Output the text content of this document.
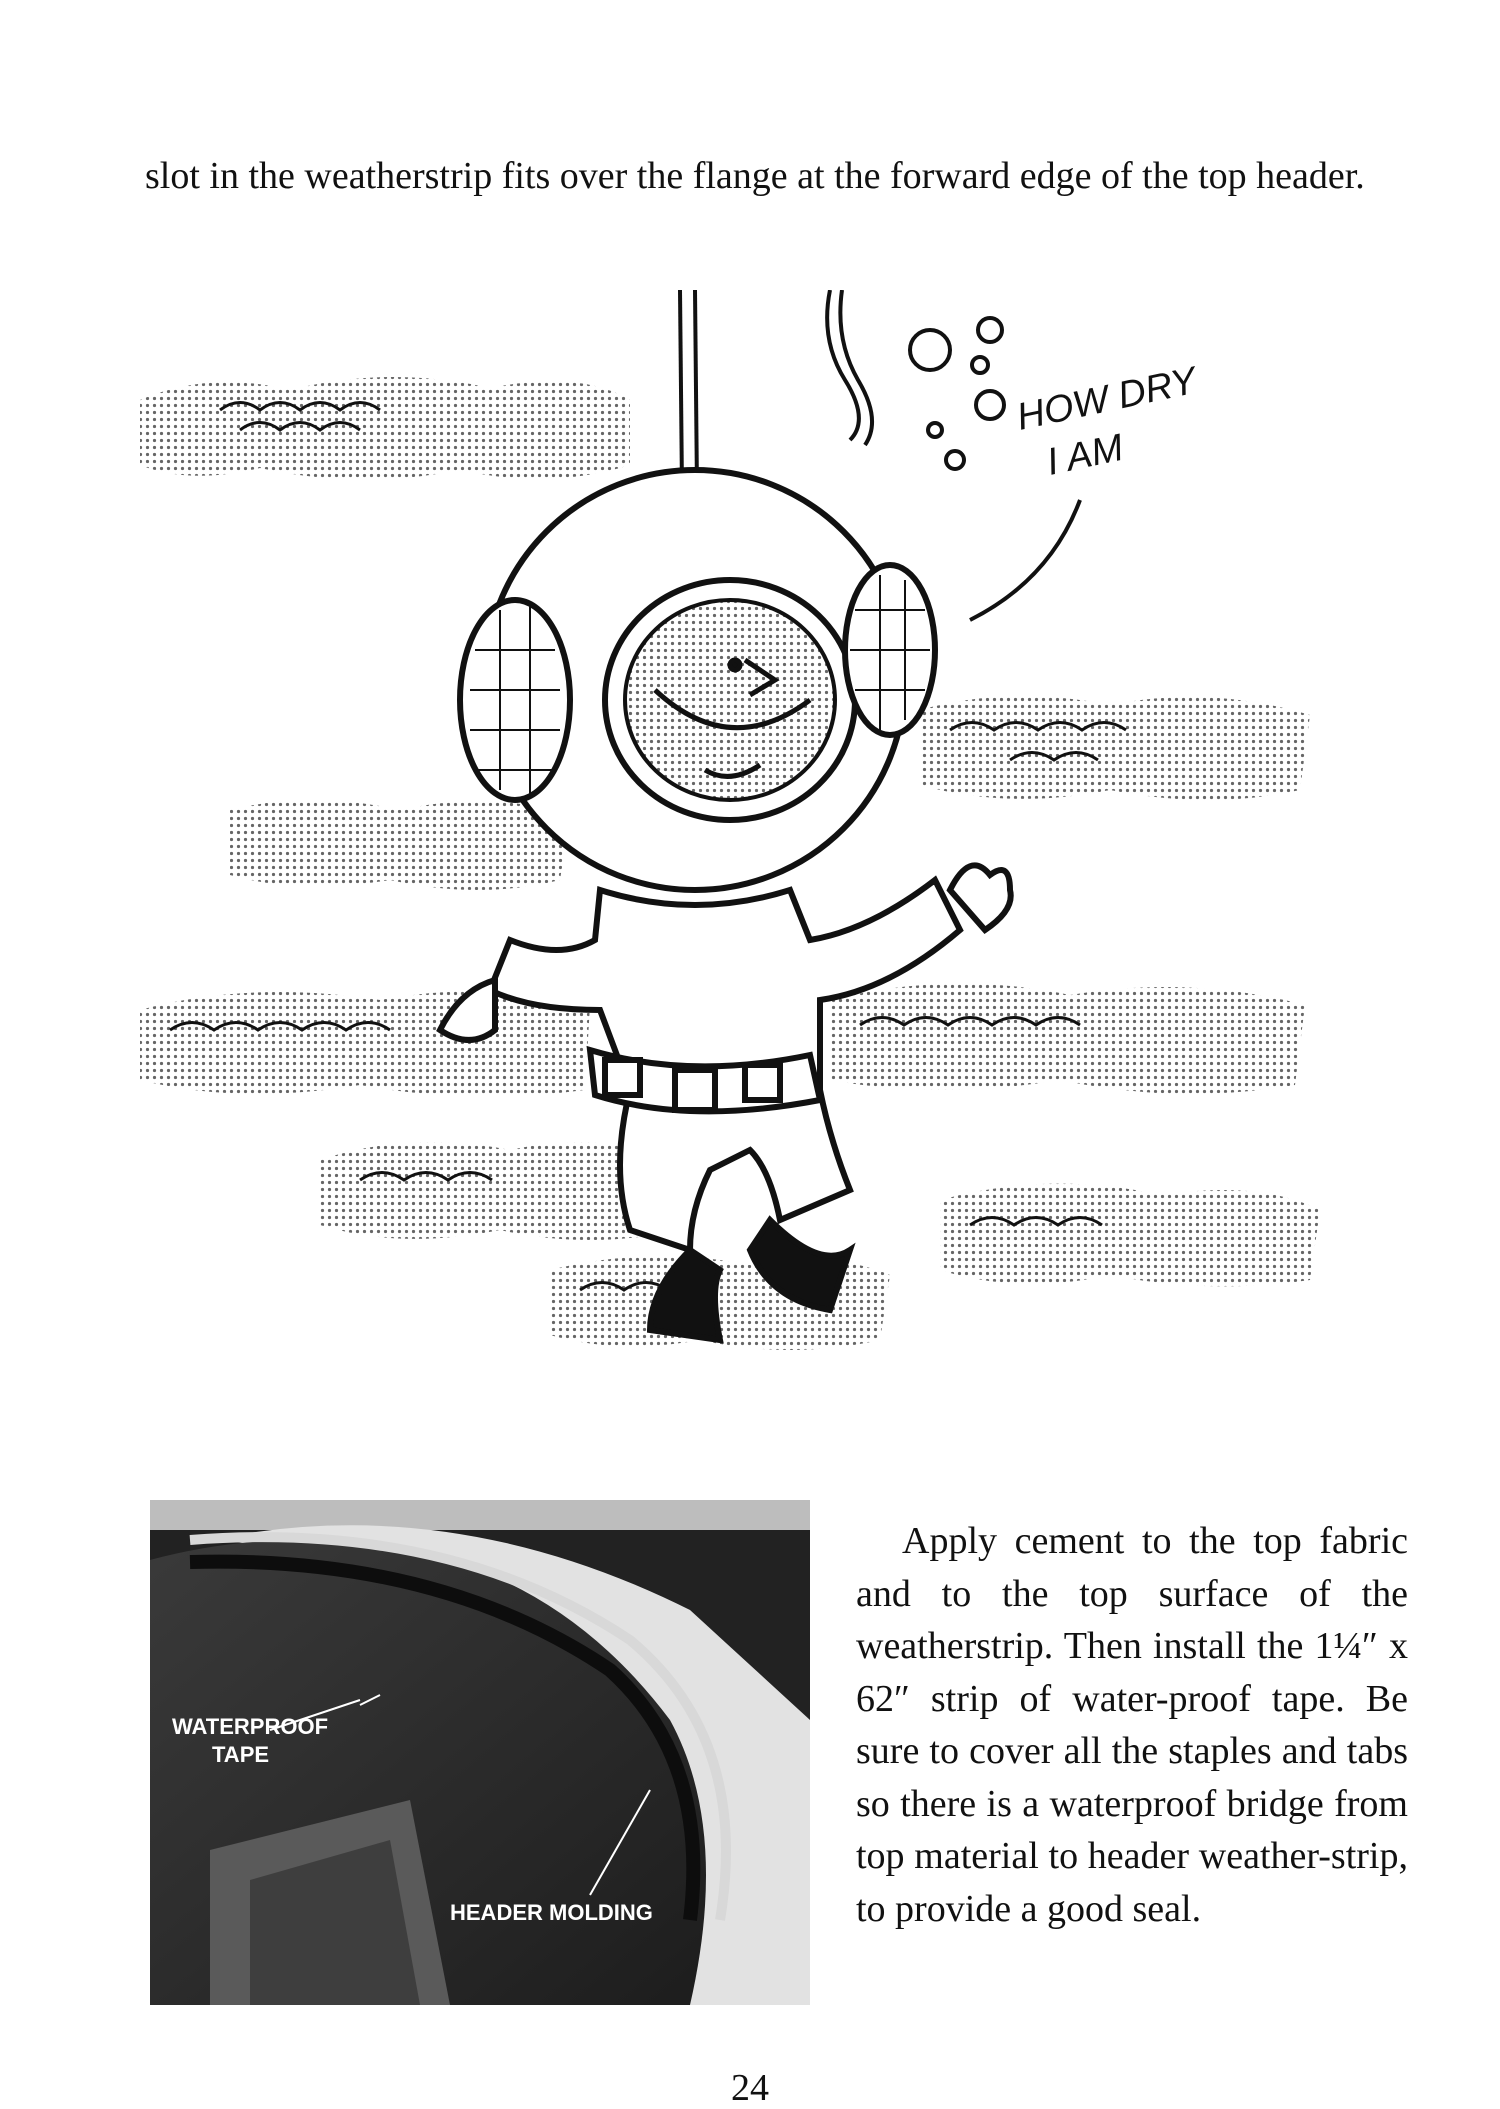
slot in the weatherstrip fits over the flange at the forward edge of the top header.

HOW DRY
I AM
WATERPROOF
TAPE
HEADER MOLDING

Apply cement to the top fabric and to the top surface of the weatherstrip. Then install the 1¼″ x 62″ strip of water-proof tape. Be sure to cover all the staples and tabs so there is a waterproof bridge from top material to header weather-strip, to provide a good seal.

24
